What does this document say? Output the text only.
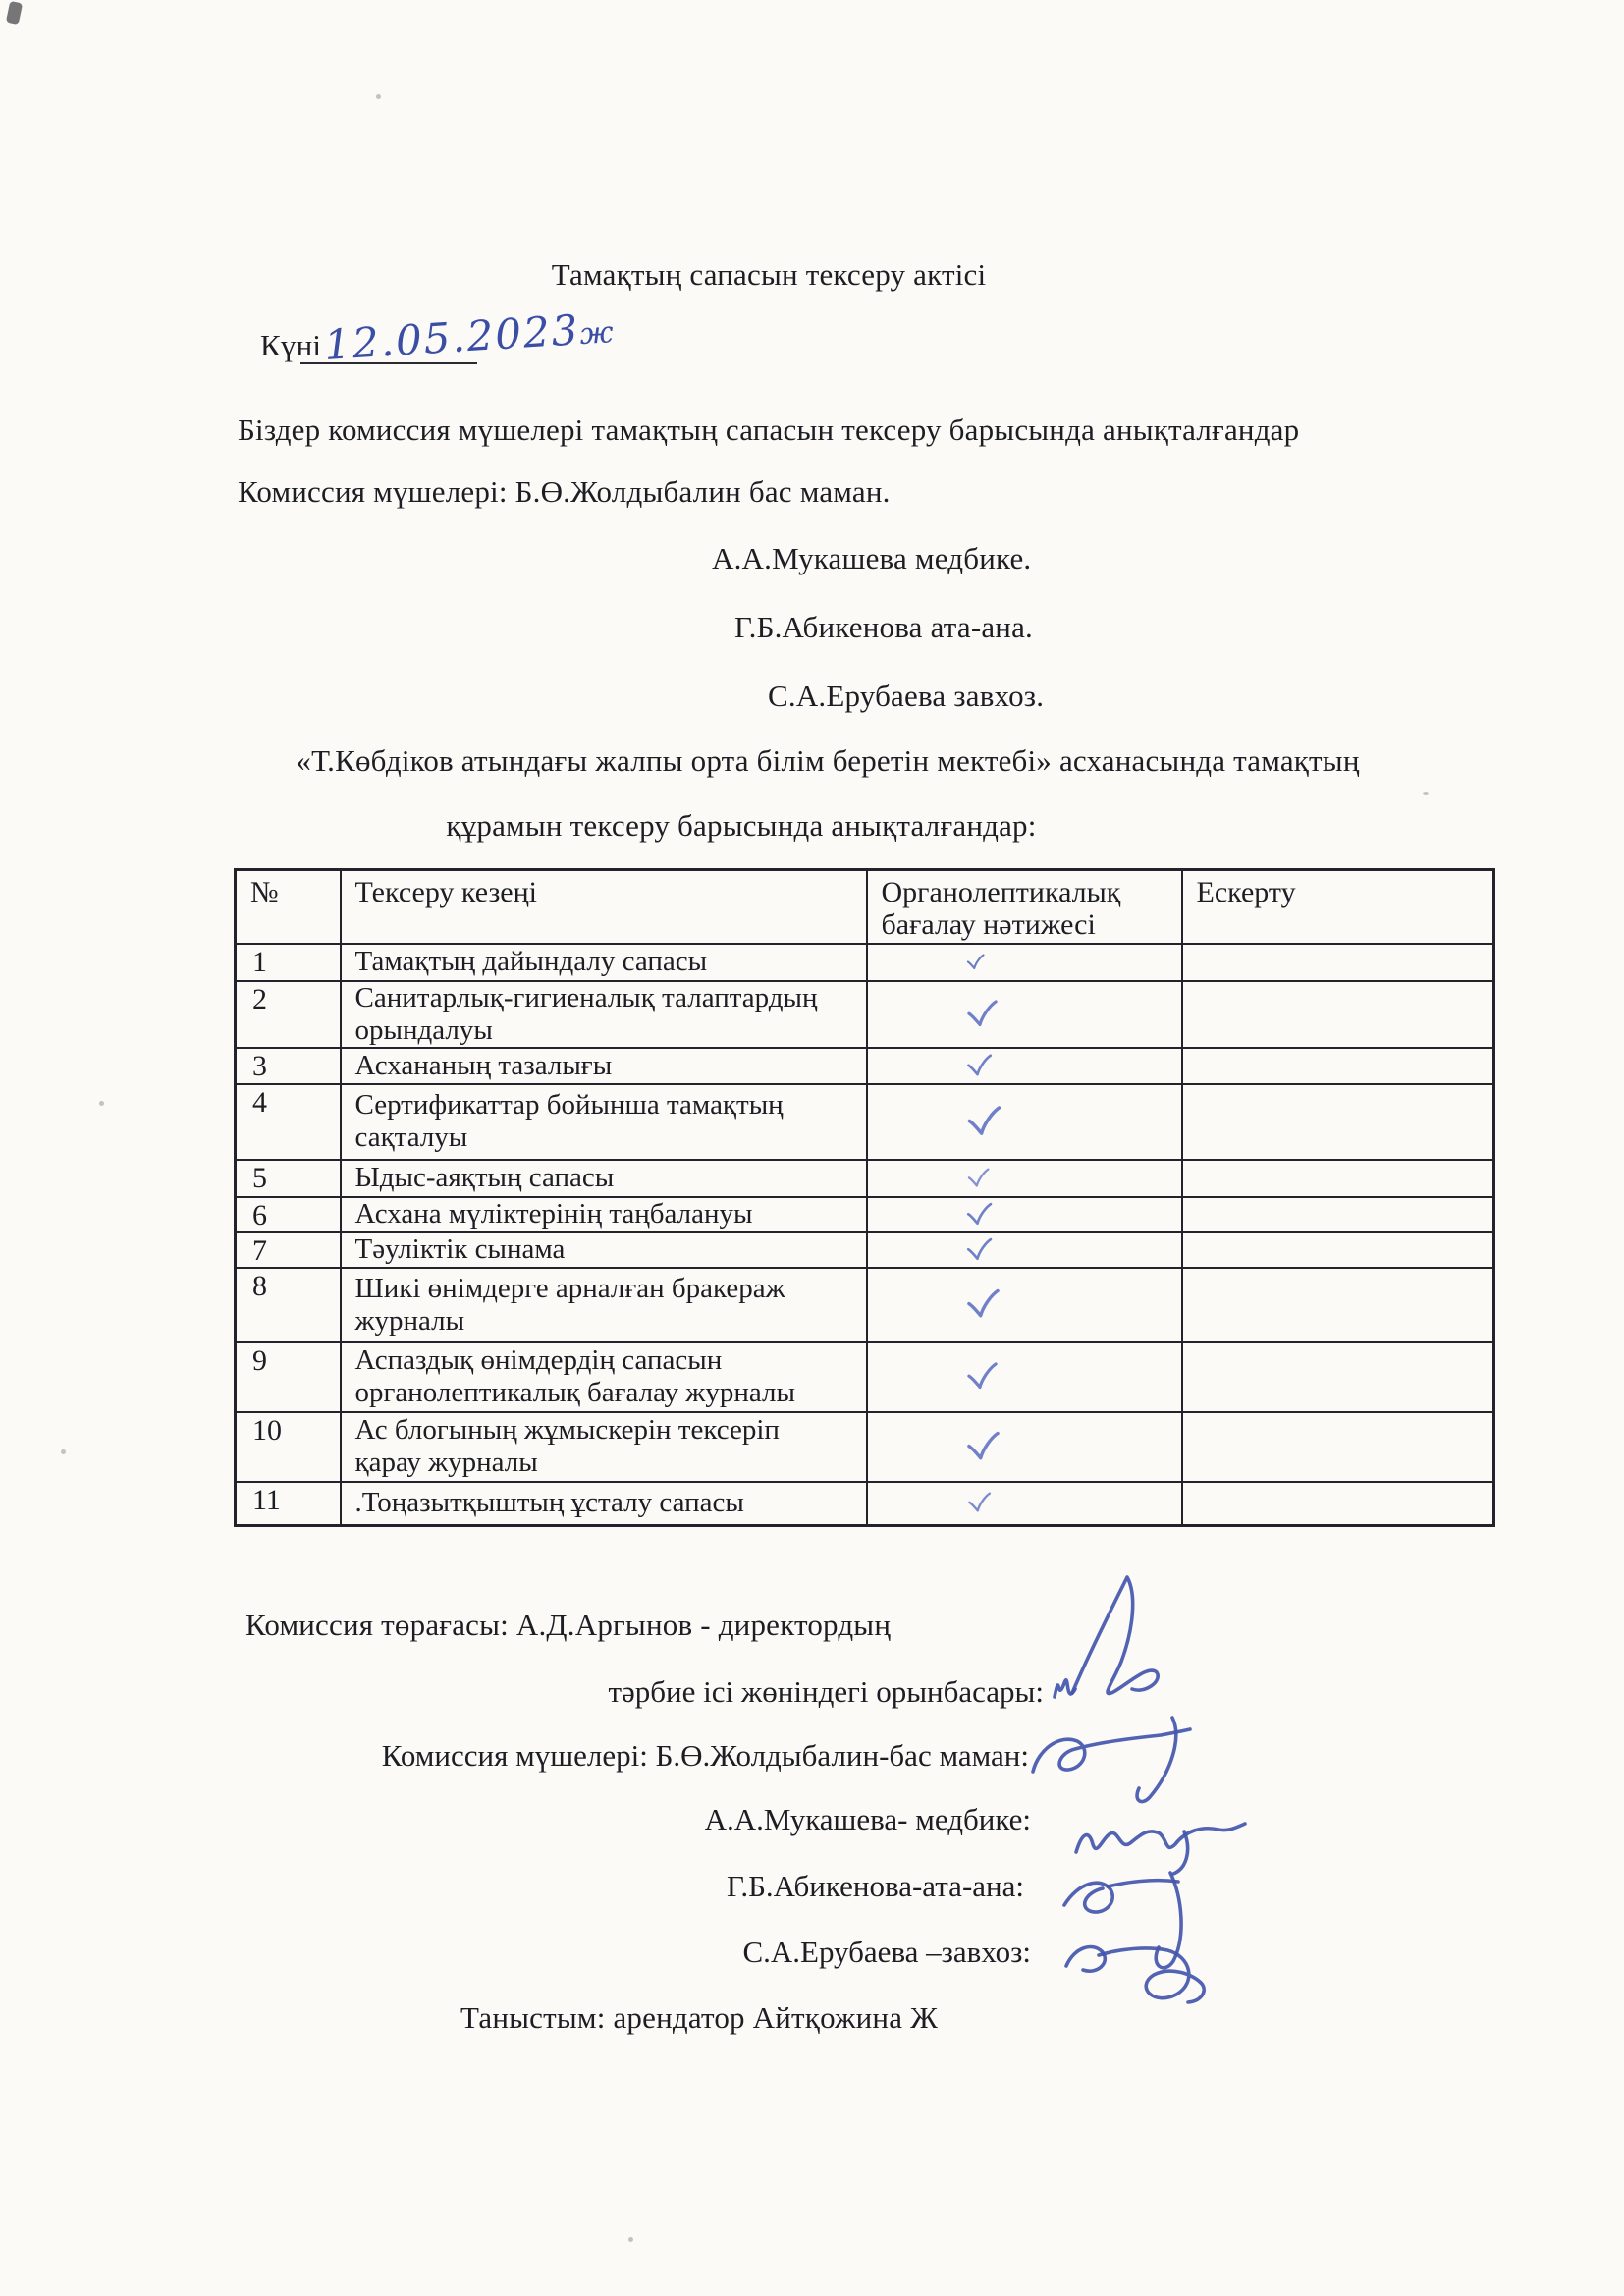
Тамақтың сапасын тексеру актісі
Күні 12.05.2023ж
Біздер комиссия мүшелері тамақтың сапасын тексеру барысында анықталғандар
Комиссия мүшелері: Б.Ө.Жолдыбалин бас маман.
А.А.Мукашева медбике.
Г.Б.Абикенова ата-ана.
С.А.Ерубаева завхоз.
«Т.Көбдіков атындағы жалпы орта білім беретін мектебі» асханасында тамақтың
құрамын тексеру барысында анықталғандар:
№	Тексеру кезеңі	Органолептикалық бағалау нәтижесі	Ескерту
1	Тамақтың дайындалу сапасы	

2	Санитарлық-гигиеналық талаптардың орындалуы	

3	Асхананың тазалығы	

4	Сертификаттар бойынша тамақтың сақталуы	

5	Ыдыс-аяқтың сапасы	

6	Асхана мүліктерінің таңбалануы	

7	Тәуліктік сынама	

8	Шикі өнімдерге арналған бракераж журналы	

9	Аспаздық өнімдердің сапасын органолептикалық бағалау журналы	

10	Ас блогының жұмыскерін тексеріп қарау журналы	

11	.Тоңазытқыштың ұсталу сапасы	

Комиссия төрағасы: А.Д.Аргынов - директордың
тәрбие ісі жөніндегі орынбасары:
Комиссия мүшелері: Б.Ө.Жолдыбалин-бас маман:
А.А.Мукашева- медбике:
Г.Б.Абикенова-ата-ана:
С.А.Ерубаева –завхоз:
Таныстым: арендатор Айтқожина Ж
